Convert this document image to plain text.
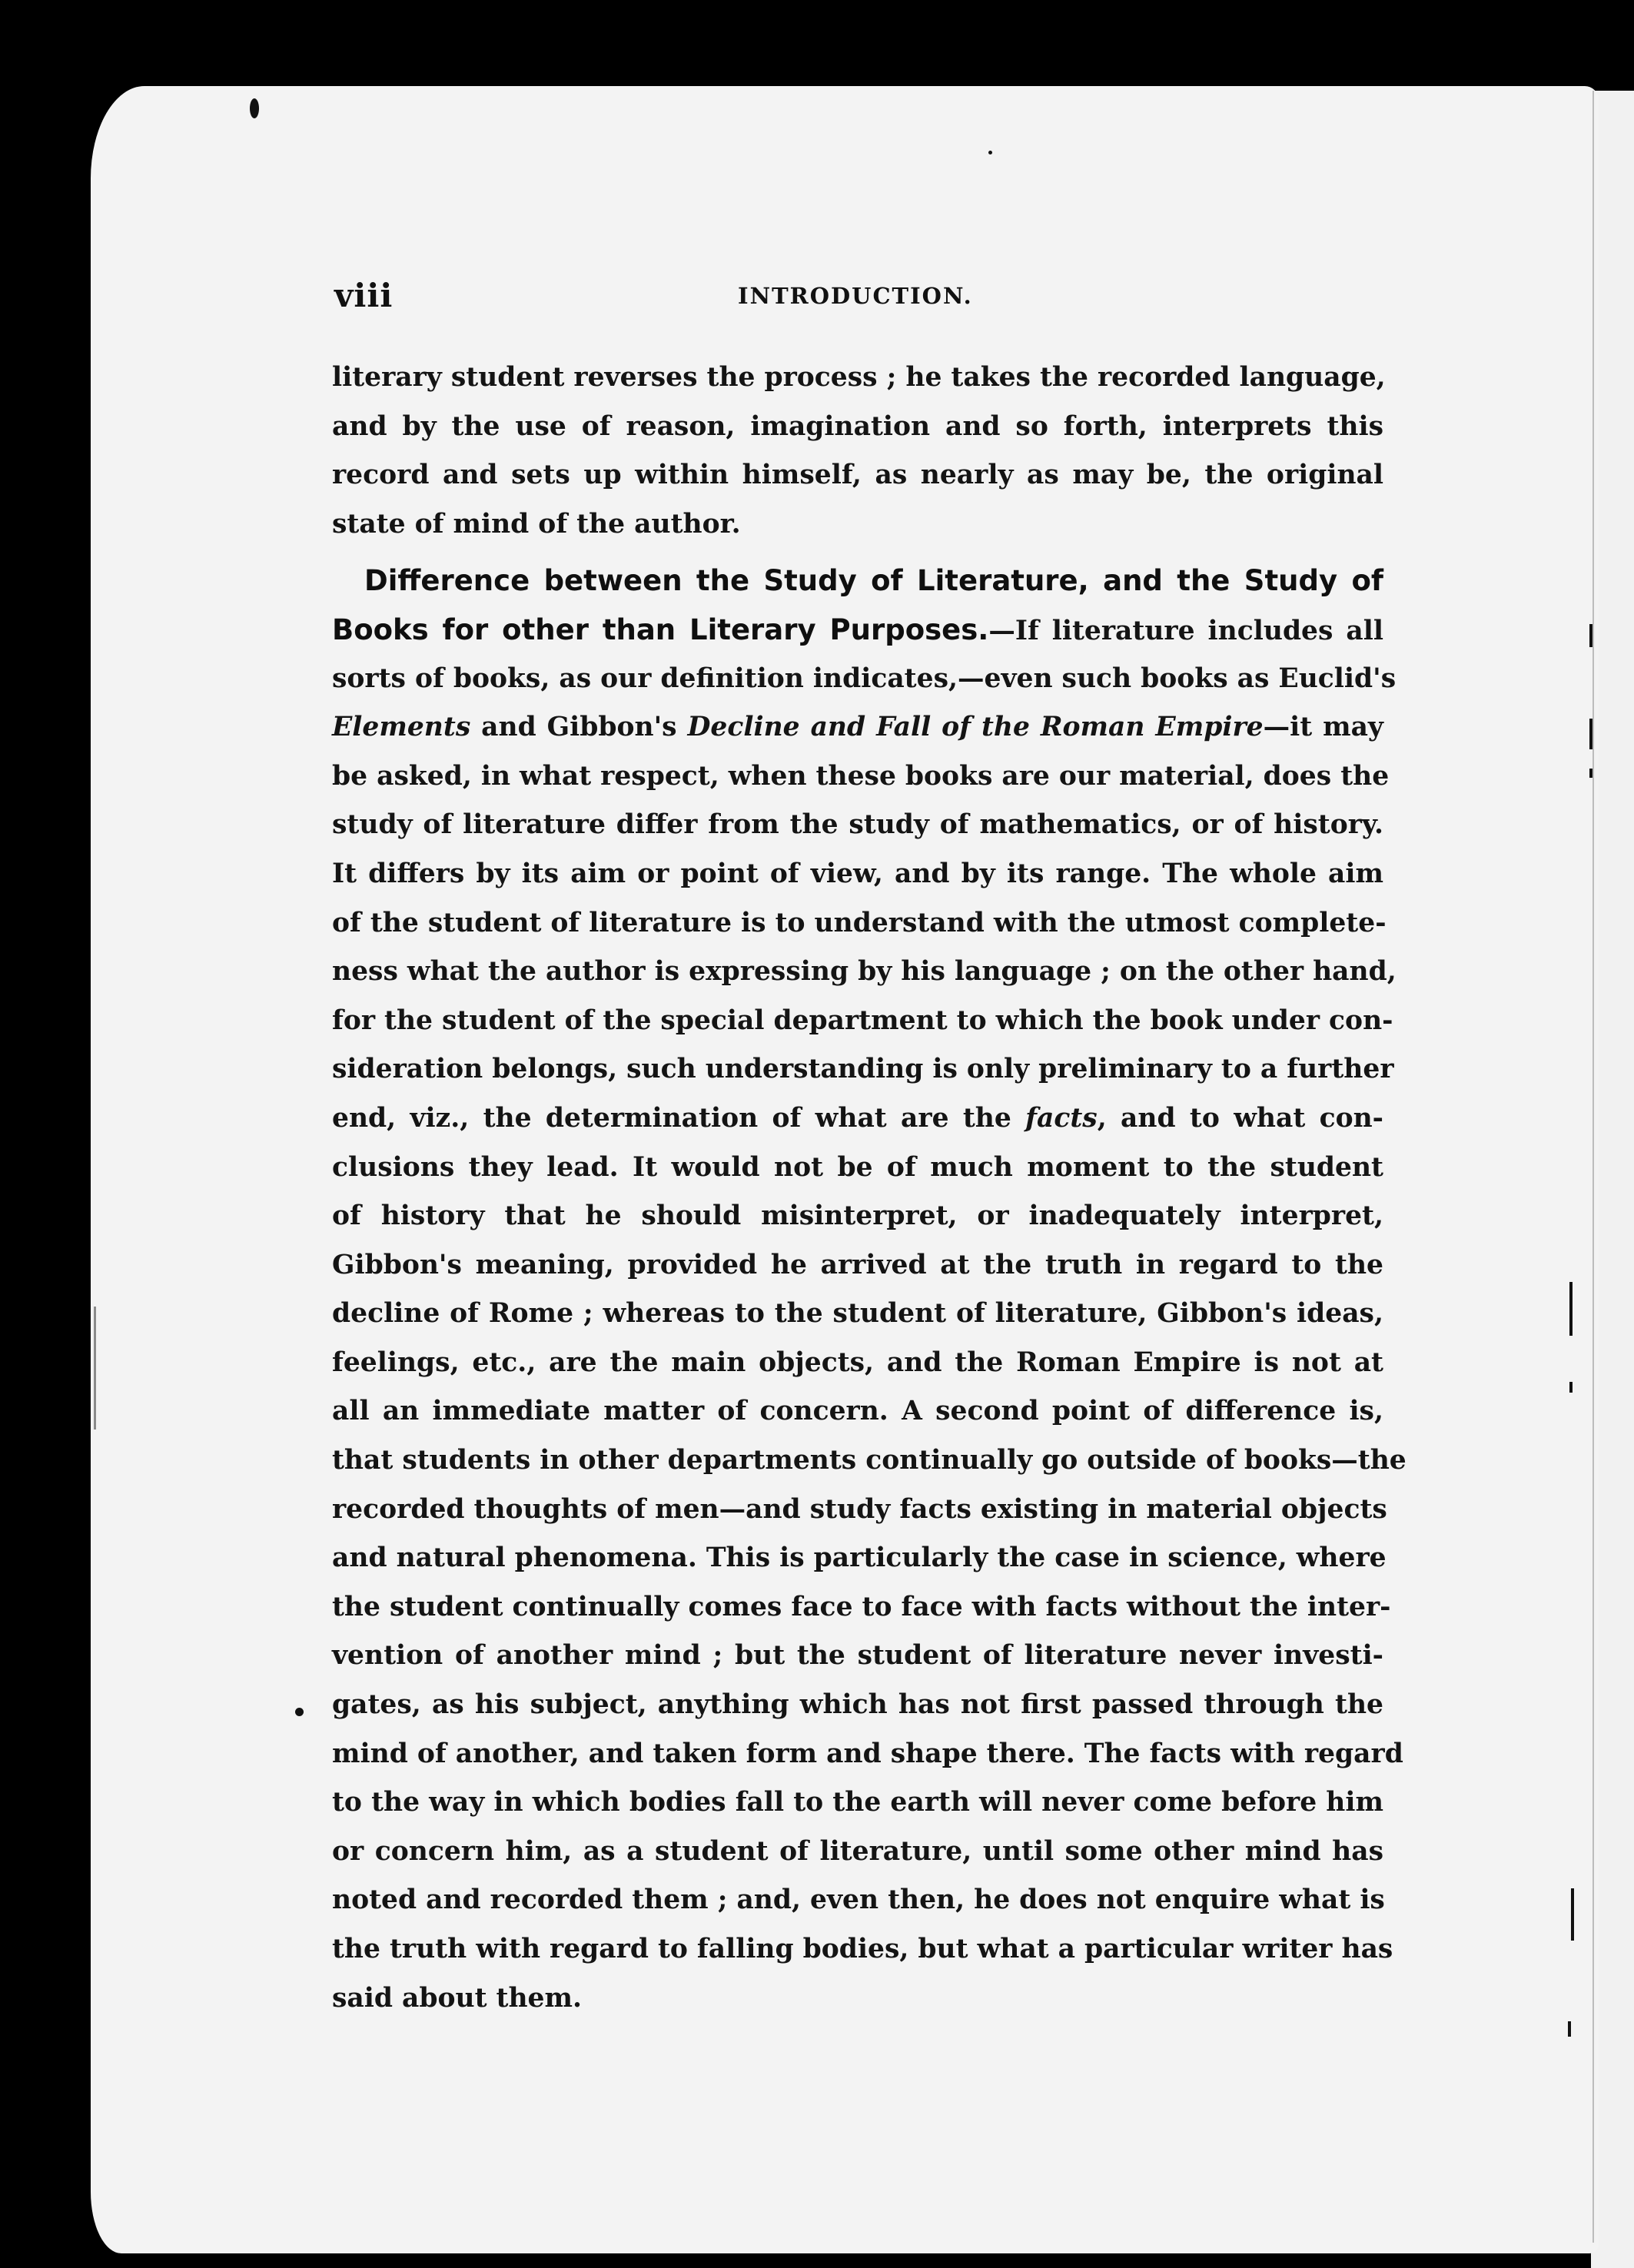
viii	INTRODUCTION.
literary student reverses the process ; he takes the recorded language,
and by the use of reason, imagination and so forth, interprets this
record and sets up within himself, as nearly as may be, the original
state of mind of the author.
Difference between the Study of Literature, and the Study of
Books for other than Literary Purposes.—If literature includes all
sorts of books, as our definition indicates,—even such books as Euclid's
Elements and Gibbon's Decline and Fall of the Roman Empire—it may
be asked, in what respect, when these books are our material, does the
study of literature differ from the study of mathematics, or of history.
It differs by its aim or point of view, and by its range. The whole aim
of the student of literature is to understand with the utmost complete-
ness what the author is expressing by his language ; on the other hand,
for the student of the special department to which the book under con-
sideration belongs, such understanding is only preliminary to a further
end, viz., the determination of what are the facts, and to what con-
clusions they lead. It would not be of much moment to the student
of history that he should misinterpret, or inadequately interpret,
Gibbon's meaning, provided he arrived at the truth in regard to the
decline of Rome ; whereas to the student of literature, Gibbon's ideas,
feelings, etc., are the main objects, and the Roman Empire is not at
all an immediate matter of concern. A second point of difference is,
that students in other departments continually go outside of books—the
recorded thoughts of men—and study facts existing in material objects
and natural phenomena. This is particularly the case in science, where
the student continually comes face to face with facts without the inter-
vention of another mind ; but the student of literature never investi-
gates, as his subject, anything which has not first passed through the
mind of another, and taken form and shape there. The facts with regard
to the way in which bodies fall to the earth will never come before him
or concern him, as a student of literature, until some other mind has
noted and recorded them ; and, even then, he does not enquire what is
the truth with regard to falling bodies, but what a particular writer has
said about them.
